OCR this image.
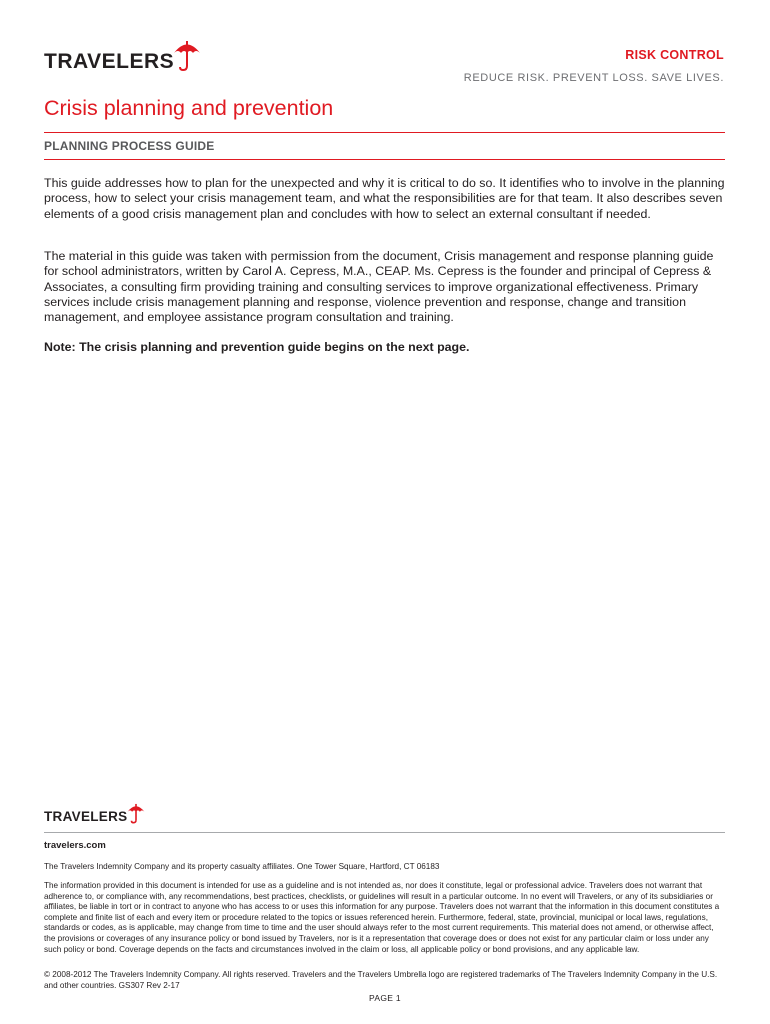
TRAVELERS	RISK CONTROL
REDUCE RISK. PREVENT LOSS. SAVE LIVES.
Crisis planning and prevention
PLANNING PROCESS GUIDE
This guide addresses how to plan for the unexpected and why it is critical to do so. It identifies who to involve in the planning process, how to select your crisis management team, and what the responsibilities are for that team. It also describes seven elements of a good crisis management plan and concludes with how to select an external consultant if needed.
The material in this guide was taken with permission from the document, Crisis management and response planning guide for school administrators, written by Carol A. Cepress, M.A., CEAP. Ms. Cepress is the founder and principal of Cepress & Associates, a consulting firm providing training and consulting services to improve organizational effectiveness. Primary services include crisis management planning and response, violence prevention and response, change and transition management, and employee assistance program consultation and training.
Note: The crisis planning and prevention guide begins on the next page.
TRAVELERS
travelers.com
The Travelers Indemnity Company and its property casualty affiliates. One Tower Square, Hartford, CT 06183
The information provided in this document is intended for use as a guideline and is not intended as, nor does it constitute, legal or professional advice. Travelers does not warrant that adherence to, or compliance with, any recommendations, best practices, checklists, or guidelines will result in a particular outcome. In no event will Travelers, or any of its subsidiaries or affiliates, be liable in tort or in contract to anyone who has access to or uses this information for any purpose. Travelers does not warrant that the information in this document constitutes a complete and finite list of each and every item or procedure related to the topics or issues referenced herein. Furthermore, federal, state, provincial, municipal or local laws, regulations, standards or codes, as is applicable, may change from time to time and the user should always refer to the most current requirements. This material does not amend, or otherwise affect, the provisions or coverages of any insurance policy or bond issued by Travelers, nor is it a representation that coverage does or does not exist for any particular claim or loss under any such policy or bond. Coverage depends on the facts and circumstances involved in the claim or loss, all applicable policy or bond provisions, and any applicable law.
© 2008-2012 The Travelers Indemnity Company. All rights reserved. Travelers and the Travelers Umbrella logo are registered trademarks of The Travelers Indemnity Company in the U.S. and other countries. GS307 Rev 2-17
PAGE 1
